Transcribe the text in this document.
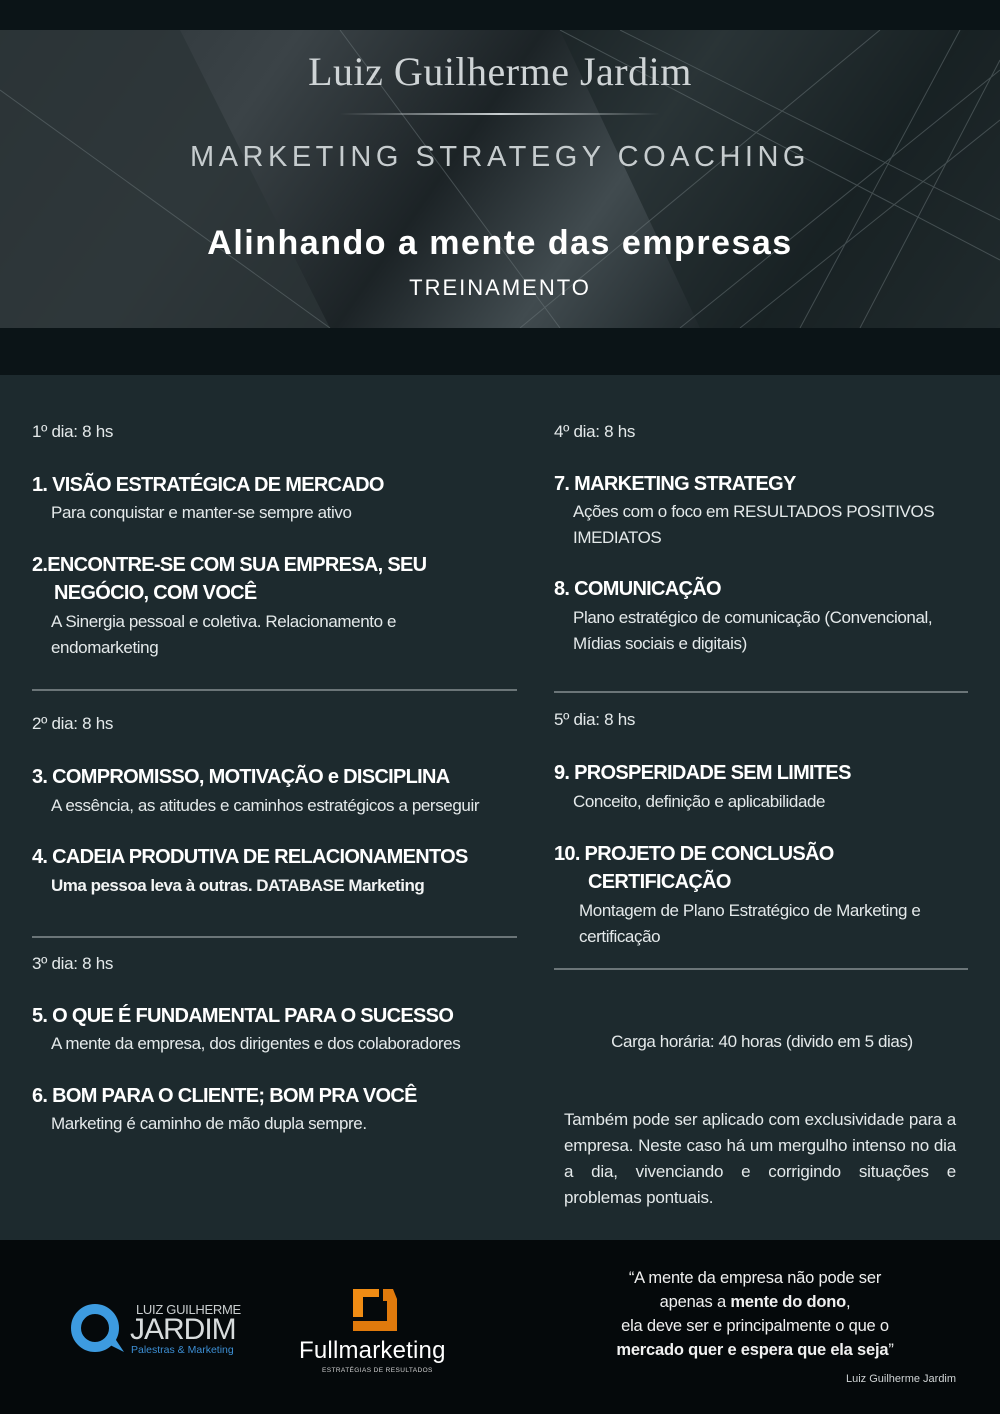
Luiz Guilherme Jardim
MARKETING STRATEGY COACHING
Alinhando a mente das empresas
TREINAMENTO
1º dia: 8 hs
1. VISÃO ESTRATÉGICA DE MERCADO
Para conquistar e manter-se sempre ativo
2.ENCONTRE-SE COM SUA EMPRESA, SEU
NEGÓCIO, COM VOCÊ
A Sinergia pessoal e coletiva. Relacionamento e
endomarketing
2º dia: 8 hs
3. COMPROMISSO, MOTIVAÇÃO e DISCIPLINA
A essência, as atitudes e caminhos estratégicos a perseguir
4. CADEIA PRODUTIVA DE RELACIONAMENTOS
Uma pessoa leva à outras. DATABASE Marketing
3º dia: 8 hs
5. O QUE É FUNDAMENTAL PARA O SUCESSO
A mente da empresa, dos dirigentes e dos colaboradores
6. BOM PARA O CLIENTE; BOM PRA VOCÊ
Marketing é caminho de mão dupla sempre.
4º dia: 8 hs
7. MARKETING STRATEGY
Ações com o foco em RESULTADOS POSITIVOS
IMEDIATOS
8. COMUNICAÇÃO
Plano estratégico de comunicação (Convencional,
Mídias sociais e digitais)
5º dia: 8 hs
9. PROSPERIDADE SEM LIMITES
Conceito, definição e aplicabilidade
10. PROJETO DE CONCLUSÃO
CERTIFICAÇÃO
Montagem de Plano Estratégico de Marketing e
certificação
Carga horária: 40 horas (divido em 5 dias)
Também pode ser aplicado com exclusividade para a empresa. Neste caso há um mergulho intenso no dia a dia, vivenciando e corrigindo situações e problemas pontuais.
LUIZ GUILHERME
JARDIM
Palestras & Marketing	Fullmarketing
ESTRATÉGIAS DE RESULTADOS
“A mente da empresa não pode ser
apenas a mente do dono,
ela deve ser e principalmente o que o
mercado quer e espera que ela seja”
Luiz Guilherme Jardim
